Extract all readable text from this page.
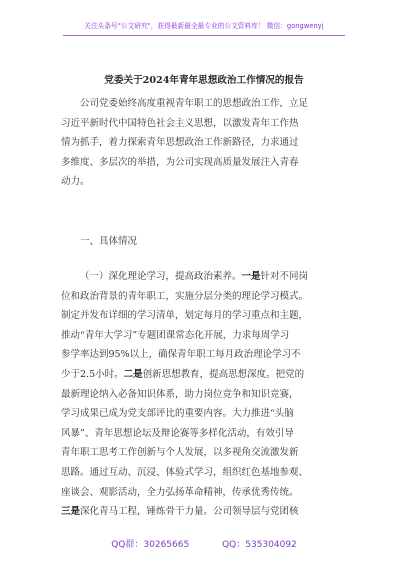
关注头条号"公文研究"，获得最新最全最专业的公文资料库！ 微信：gongwenyj
党委关于2024年青年思想政治工作情况的报告
公司党委始终高度重视青年职工的思想政治工作，立足
习近平新时代中国特色社会主义思想，以激发青年工作热
情为抓手，着力探索青年思想政治工作新路径，力求通过
多维度、多层次的举措，为公司实现高质量发展注入青春
动力。
一、具体情况
（一）深化理论学习，提高政治素养。一是针对不同岗
位和政治背景的青年职工，实施分层分类的理论学习模式。
制定并发布详细的学习清单，划定每月的学习重点和主题，
推动“青年大学习”专题团课常态化开展，力求每周学习
参学率达到95%以上，确保青年职工每月政治理论学习不
少于2.5小时。二是创新思想教育，提高思想深度。把党的
最新理论纳入必备知识体系，助力岗位竞争和知识竞赛，
学习成果已成为党支部评比的重要内容。大力推进“头脑
风暴”、青年思想论坛及辩论赛等多样化活动，有效引导
青年职工思考工作创新与个人发展，以多视角交流激发新
思路。通过互动、沉浸、体验式学习，组织红色基地参观、
座谈会、观影活动，全力弘扬革命精神，传承优秀传统。
三是深化青马工程，锤炼骨干力量。公司领导层与党团核
QQ群：30265665	QQ：535304092
